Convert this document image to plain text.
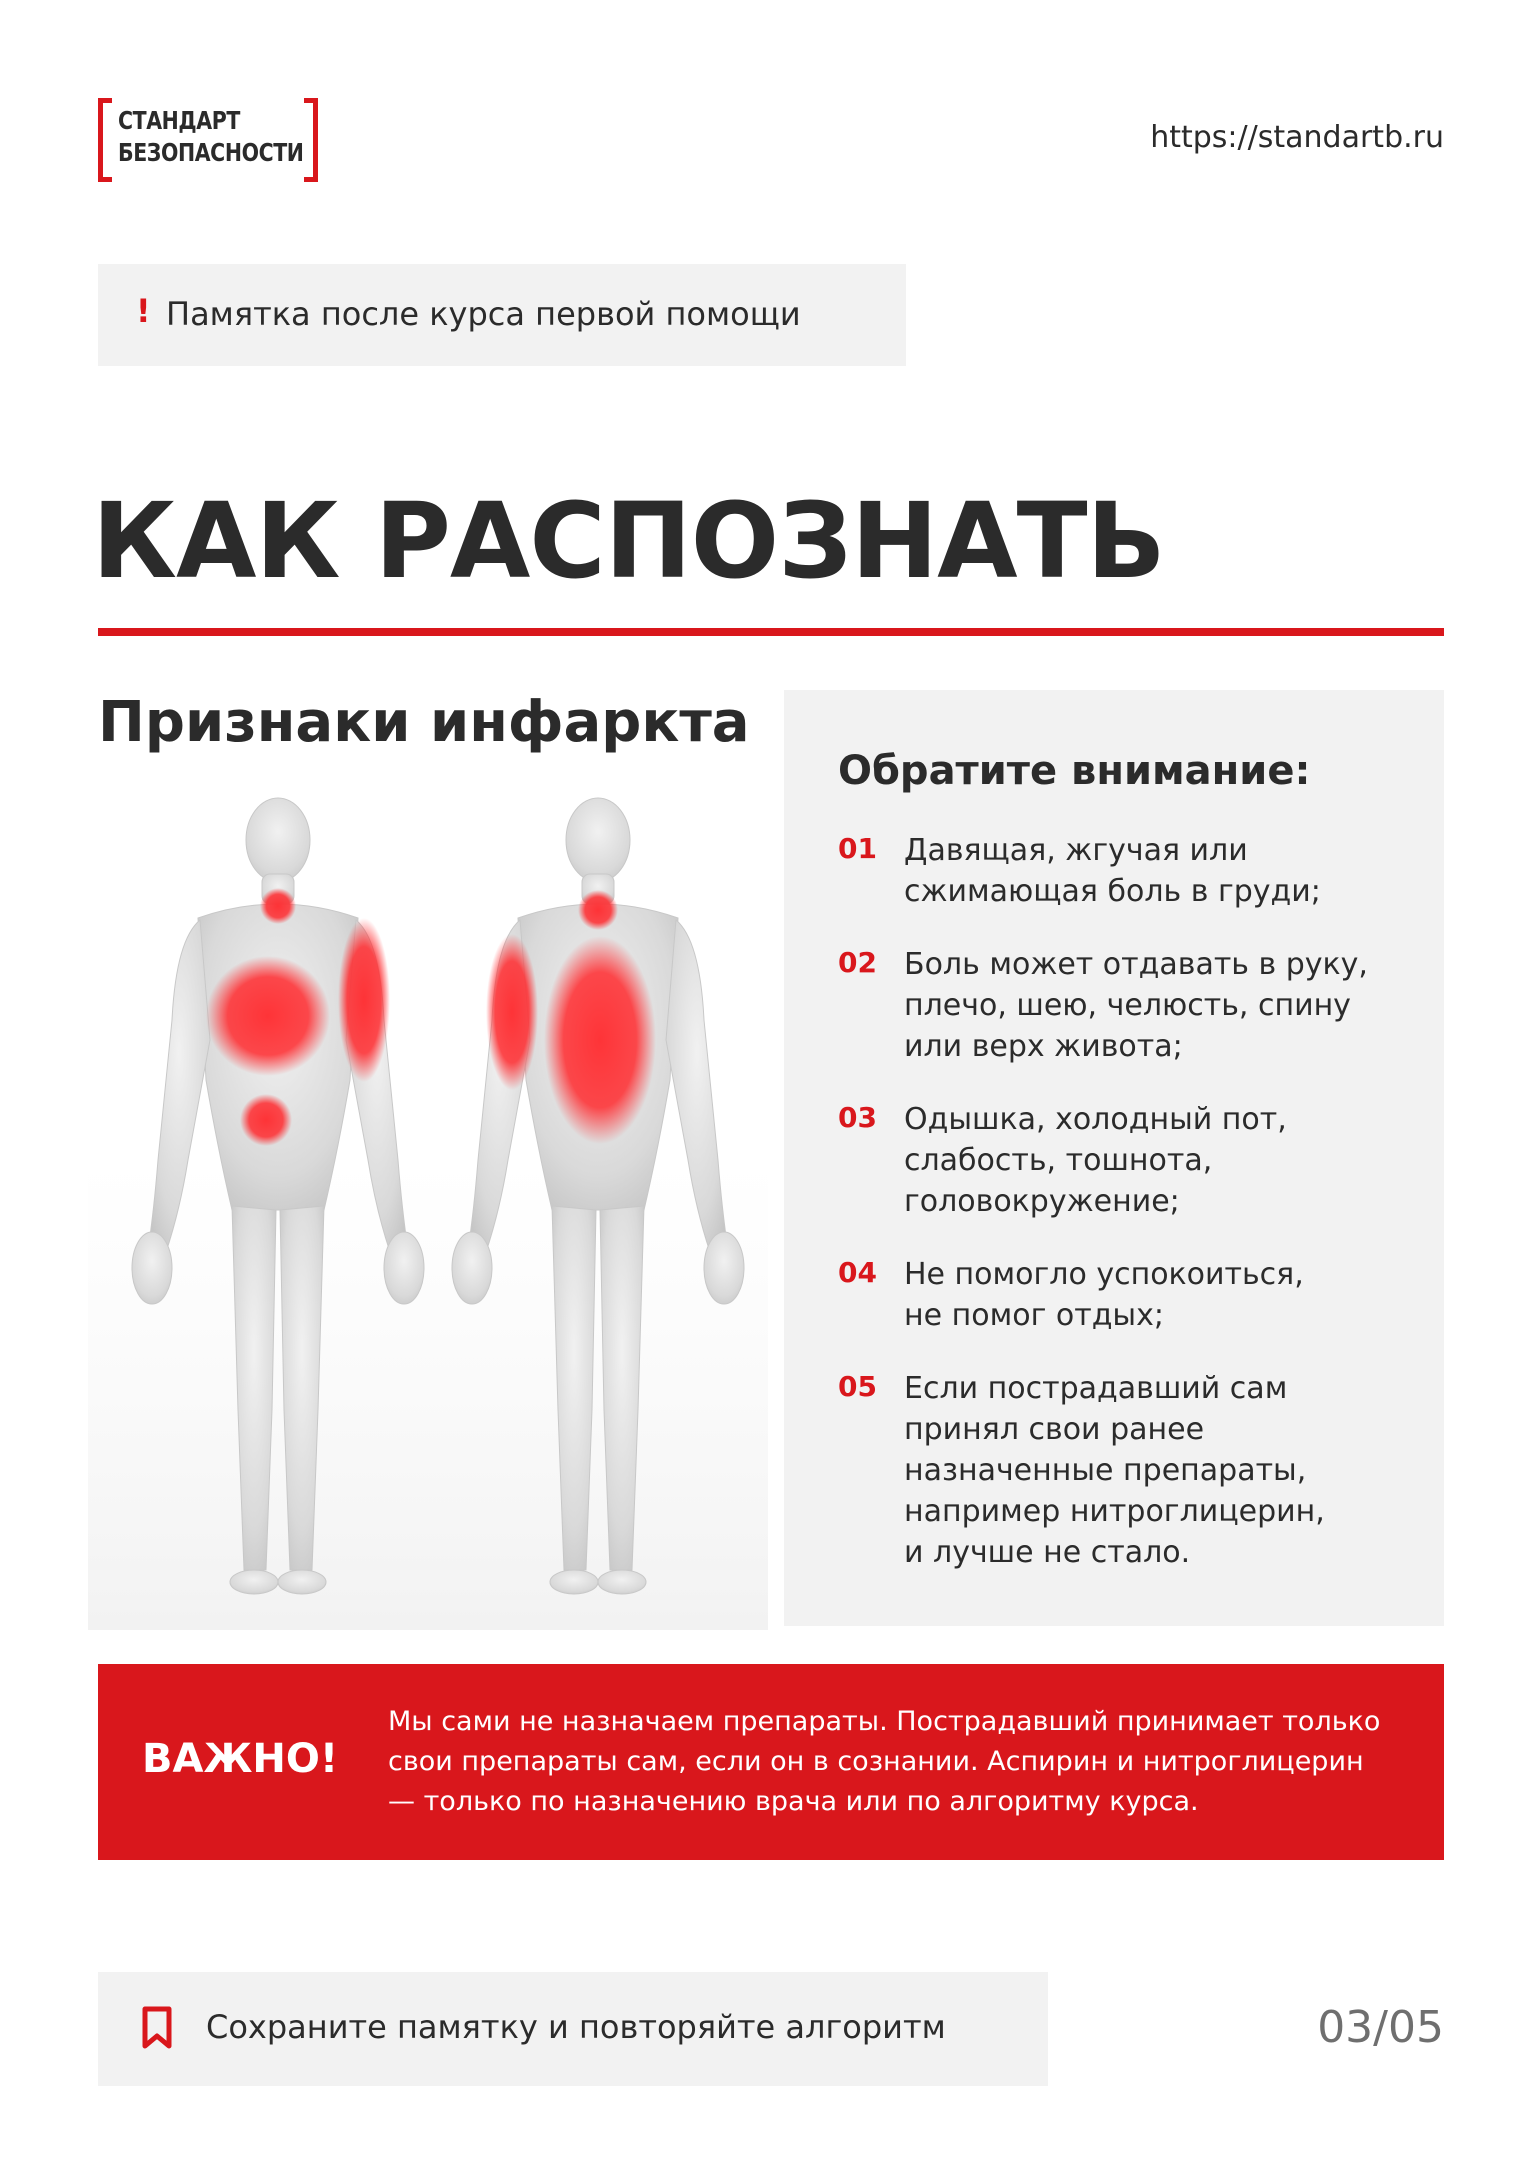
СТАНДАРТ
БЕЗОПАСНОСТИ	https://standartb.ru
! Памятка после курса первой помощи
КАК РАСПОЗНАТЬ
Признаки инфаркта
Обратите внимание:
01 Давящая, жгучая или
сжимающая боль в груди;
02 Боль может отдавать в руку,
плечо, шею, челюсть, спину
или верх живота;
03 Одышка, холодный пот,
слабость, тошнота,
головокружение;
04 Не помогло успокоиться,
не помог отдых;
05 Если пострадавший сам
принял свои ранее
назначенные препараты,
например нитроглицерин,
и лучше не стало.
ВАЖНО!
Мы сами не назначаем препараты. Пострадавший принимает только
свои препараты сам, если он в сознании. Аспирин и нитроглицерин
— только по назначению врача или по алгоритму курса.
Сохраните памятку и повторяйте алгоритм	03/05
